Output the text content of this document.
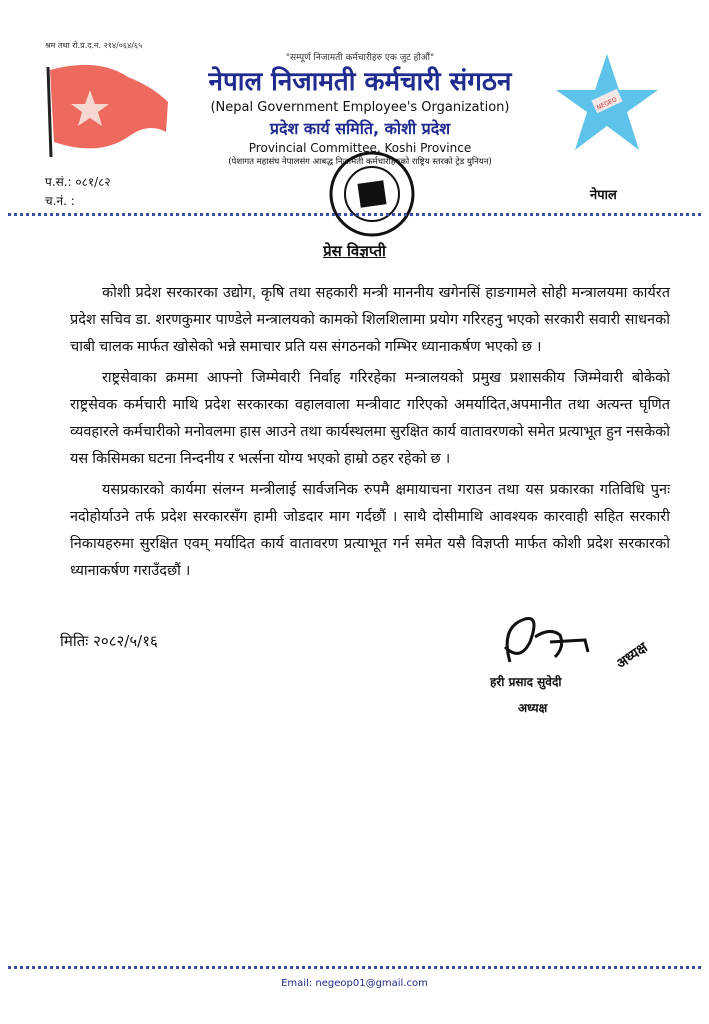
श्रम तथा रो.प्र.द.न. २१४/०६४/६५
"सम्पूर्ण निजामती कर्मचारीहरु एक जुट होऔं"
नेपाल निजामती कर्मचारी संगठन
(Nepal Government Employee's Organization)
प्रदेश कार्य समिति, कोशी प्रदेश
Provincial Committee, Koshi Province
(पेशागत महासंघ नेपालसंग आबद्ध निजामती कर्मचारीहरुको राष्ट्रिय स्तरको ट्रेड युनियन)
NEGEO
प.सं.: ०८१/८२
च.नं. :	नेपाल
प्रेस विज्ञप्ती

कोशी प्रदेश सरकारका उद्योग, कृषि तथा सहकारी मन्त्री माननीय खगेनसिं हाङगामले सोही मन्त्रालयमा कार्यरत प्रदेश सचिव डा. शरणकुमार पाण्डेले मन्त्रालयको कामको शिलशिलामा प्रयोग गरिरहनु भएको सरकारी सवारी साधनको चाबी चालक मार्फत खोसेको भन्ने समाचार प्रति यस संगठनको गम्भिर ध्यानाकर्षण भएको छ ।

राष्ट्रसेवाका क्रममा आफ्नो जिम्मेवारी निर्वाह गरिरहेका मन्त्रालयको प्रमुख प्रशासकीय जिम्मेवारी बोकेको राष्ट्रसेवक कर्मचारी माथि प्रदेश सरकारका वहालवाला मन्त्रीवाट गरिएको अमर्यादित,अपमानीत तथा अत्यन्त घृणित व्यवहारले कर्मचारीको मनोवलमा हास आउने तथा कार्यस्थलमा सुरक्षित कार्य वातावरणको समेत प्रत्याभूत हुन नसकेको यस किसिमका घटना निन्दनीय र भर्त्सना योग्य भएको हाम्रो ठहर रहेको छ ।

यसप्रकारको कार्यमा संलग्न मन्त्रीलाई सार्वजनिक रुपमै क्षमायाचना गराउन तथा यस प्रकारका गतिविधि पुनः नदोहोर्याउने तर्फ प्रदेश सरकारसँग हामी जोडदार माग गर्दछौं । साथै दोसीमाथि आवश्यक कारवाही सहित सरकारी निकायहरुमा सुरक्षित एवम् मर्यादित कार्य वातावरण प्रत्याभूत गर्न समेत यसै विज्ञप्ती मार्फत कोशी प्रदेश सरकारको ध्यानाकर्षण गराउँदछौं ।

मितिः २०८२/५/१६
हरी प्रसाद सुवेदी
अध्यक्ष
अध्यक्ष
Email: negeop01@gmail.com
